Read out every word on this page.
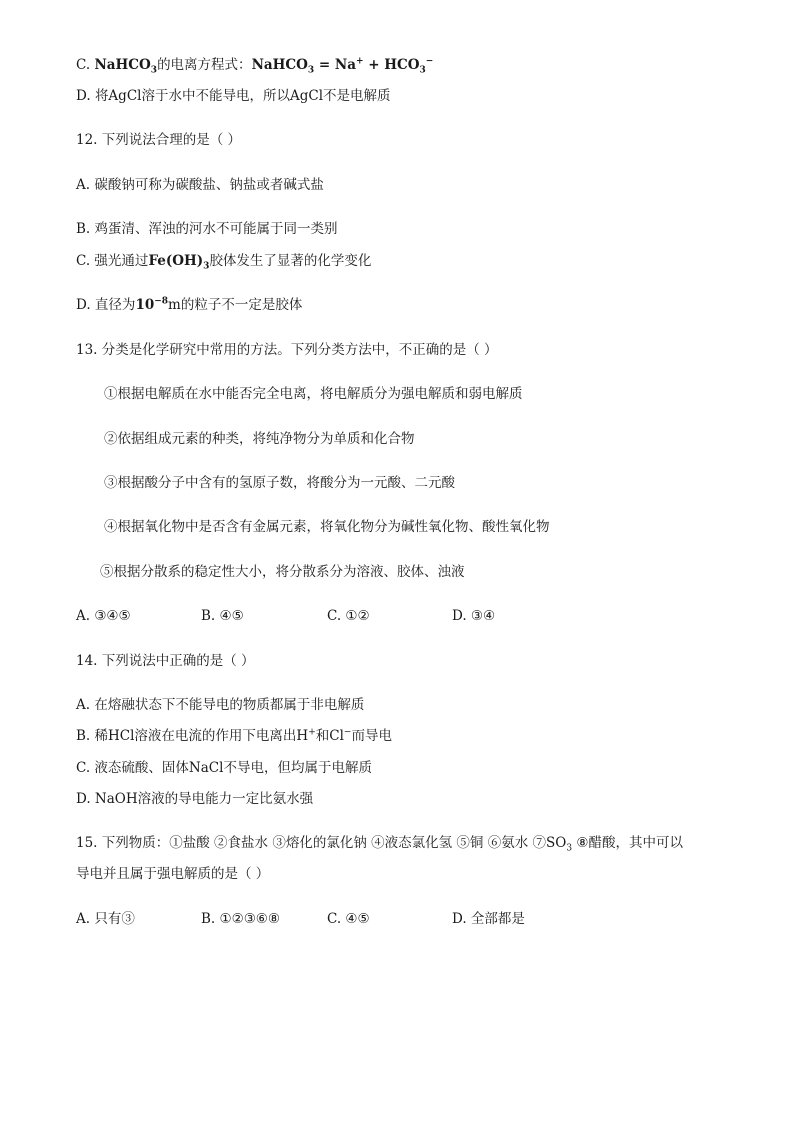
C. NaHCO$_3$的电离方程式：NaHCO$_3$ = $Na^+ + HCO_3^-$
D. 将AgCl溶于水中不能导电，所以AgCl不是电解质
12. 下列说法合理的是（ ）
A. 碳酸钠可称为碳酸盐、钠盐或者碱式盐
B. 鸡蛋清、浑浊的河水不可能属于同一类别
C. 强光通过$Fe(OH)_3$胶体发生了显著的化学变化
D. 直径为$10^{-8}m$的粒子不一定是胶体
13. 分类是化学研究中常用的方法。下列分类方法中，不正确的是（ ）
①根据电解质在水中能否完全电离，将电解质分为强电解质和弱电解质
②依据组成元素的种类，将纯净物分为单质和化合物
③根据酸分子中含有的氢原子数，将酸分为一元酸、二元酸
④根据氧化物中是否含有金属元素，将氧化物分为碱性氧化物、酸性氧化物
⑤根据分散系的稳定性大小，将分散系分为溶液、胶体、浊液
A. ③④⑤	B. ④⑤	C. ①②	D. ③④
14. 下列说法中正确的是（ ）
A. 在熔融状态下不能导电的物质都属于非电解质
B. 稀HCl溶液在电流的作用下电离出H+和Cl−而导电
C. 液态硫酸、固体NaCl不导电，但均属于电解质
D. NaOH溶液的导电能力一定比氨水强
15. 下列物质：①盐酸 ②食盐水 ③熔化的氯化钠 ④液态氯化氢 ⑤铜 ⑥氨水 $⑦SO_3$ ⑧醋酸，其中可以
导电并且属于强电解质的是（ ）
A. 只有③	B. ①②③⑥⑧	C. ④⑤	D. 全部都是
